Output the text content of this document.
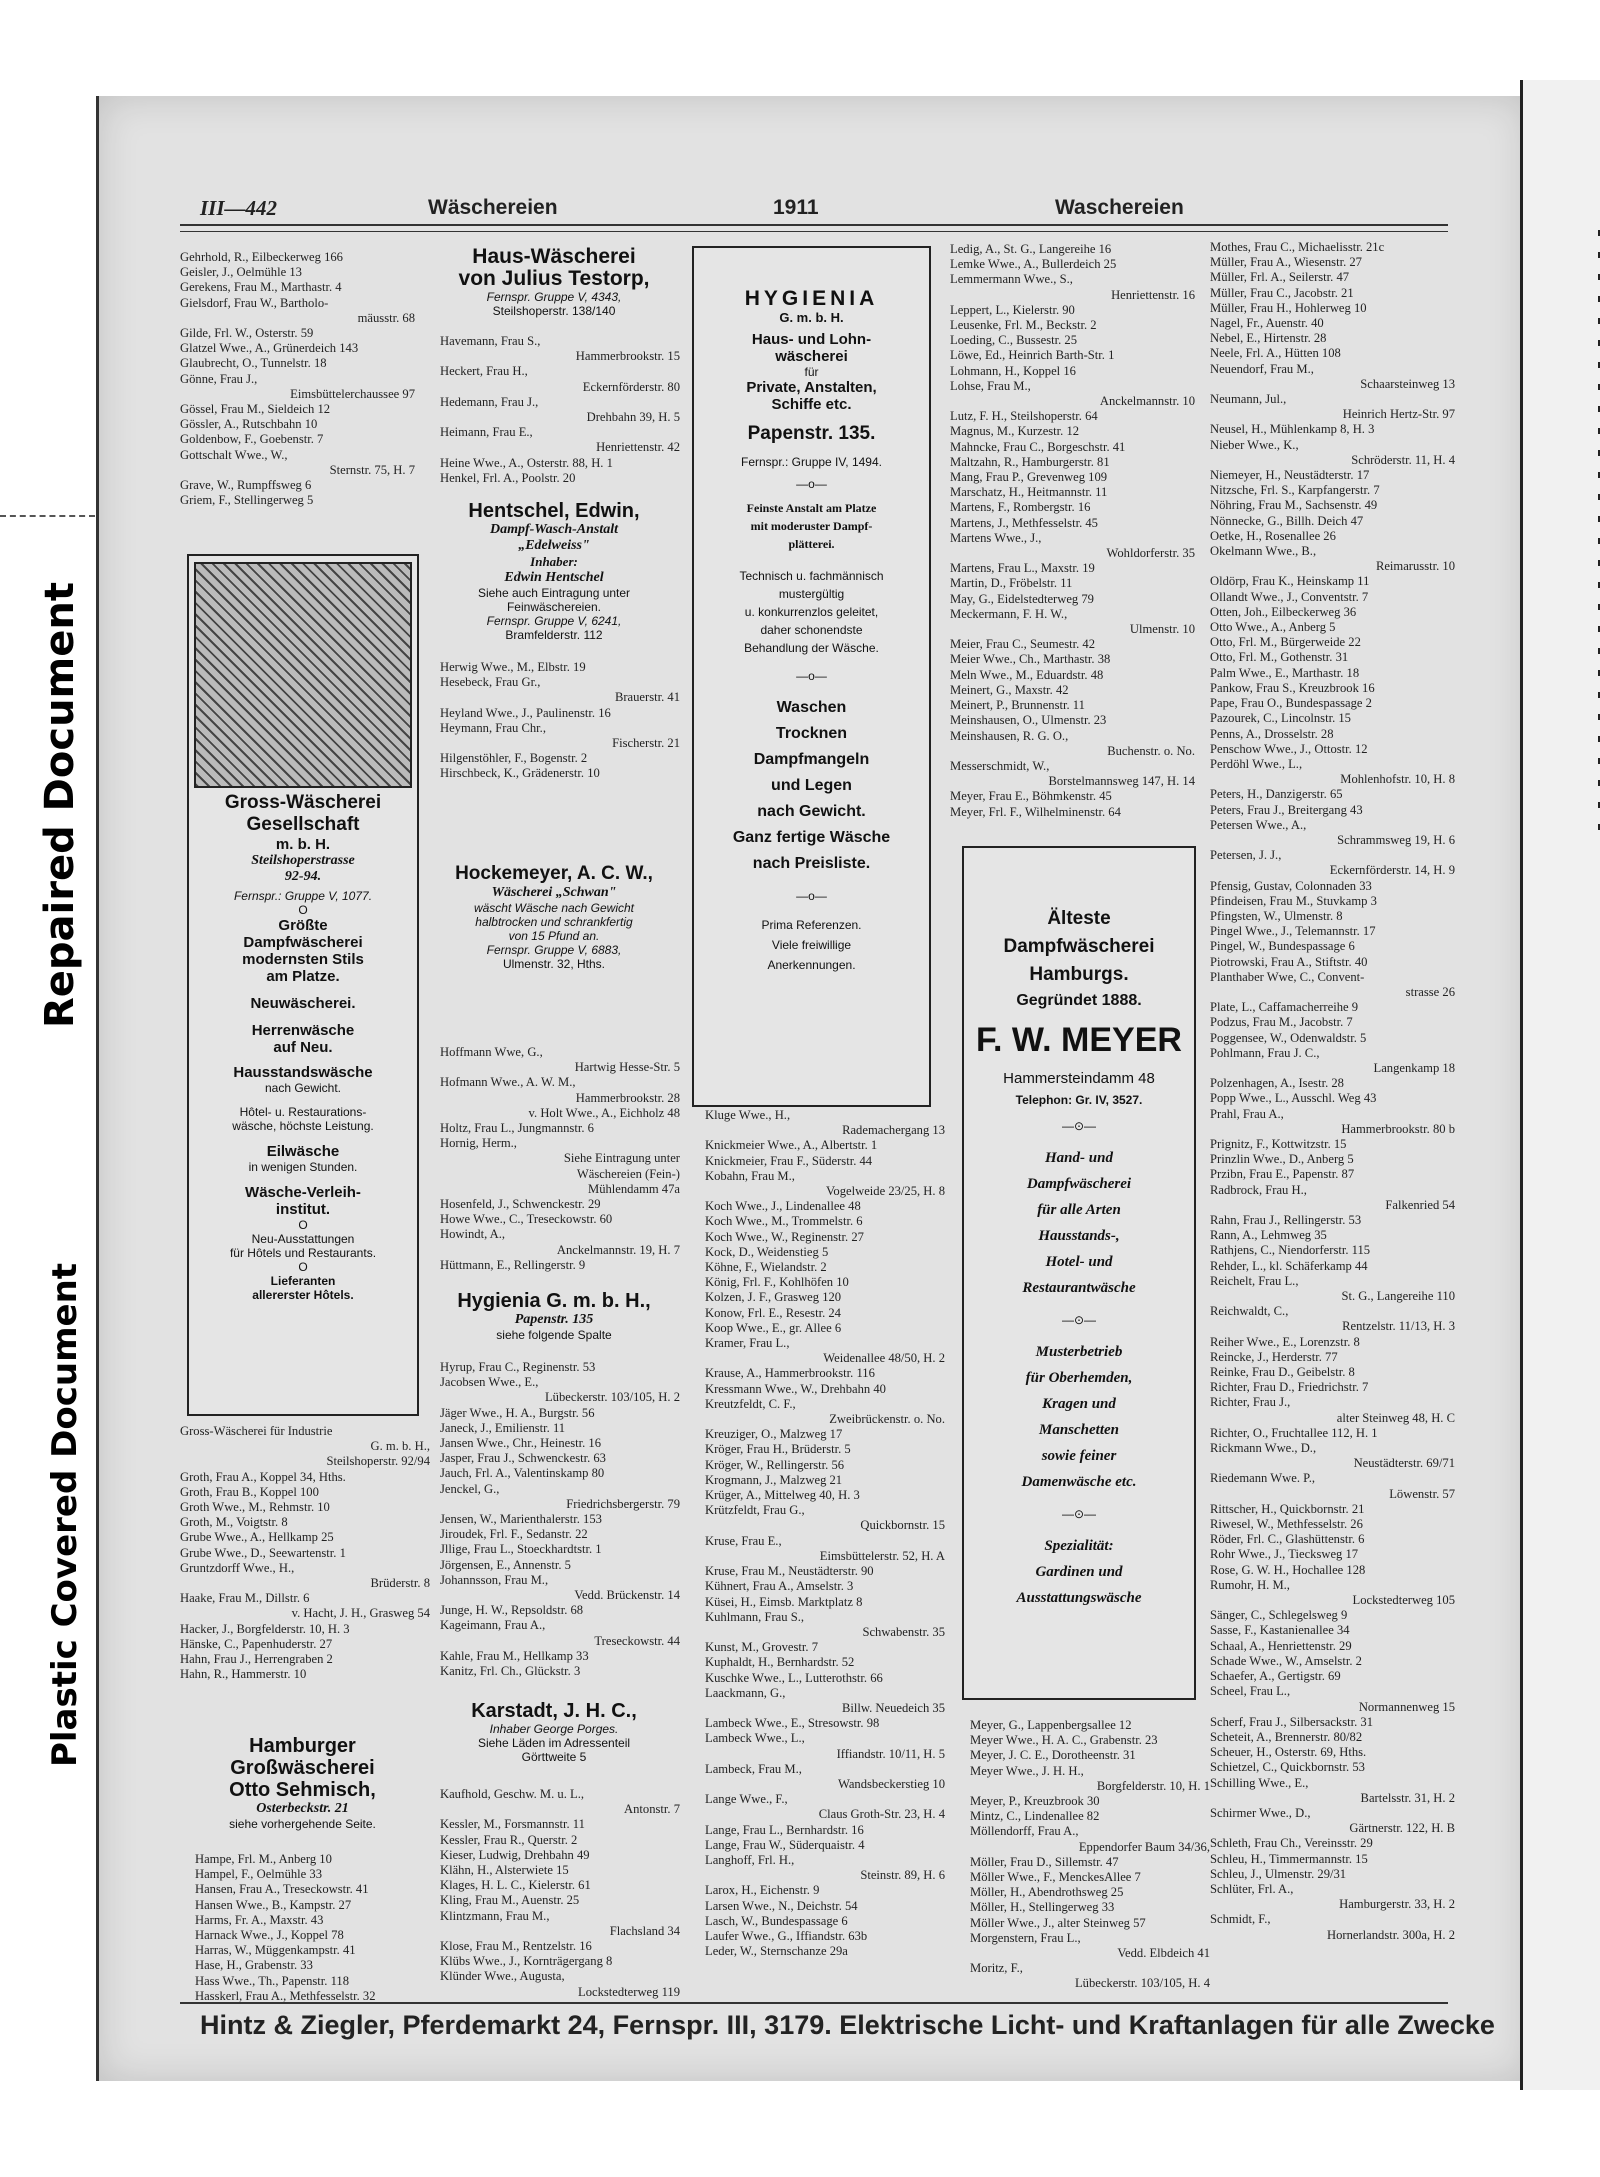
Plastic Covered Document
Repaired Document
III—442	Wäschereien	1911	Waschereien
Gehrhold, R., Eilbeckerweg 166
Geisler, J., Oelmühle 13
Gerekens, Frau M., Marthastr. 4
Gielsdorf, Frau W., Bartholo-
mäusstr. 68
Gilde, Frl. W., Osterstr. 59
Glatzel Wwe., A., Grünerdeich 143
Glaubrecht, O., Tunnelstr. 18
Gönne, Frau J.,
Eimsbüttelerchaussee 97
Gössel, Frau M., Sieldeich 12
Gössler, A., Rutschbahn 10
Goldenbow, F., Goebenstr. 7
Gottschalt Wwe., W.,
Sternstr. 75, H. 7
Grave, W., Rumpffsweg 6
Griem, F., Stellingerweg 5
Gross-Wäscherei
Gesellschaft
m. b. H.
Steilshoperstrasse
92-94.
Fernspr.: Gruppe V, 1077.
O
Größte
Dampfwäscherei
modernsten Stils
am Platze.
Neuwäscherei.
Herrenwäsche
auf Neu.
Hausstandswäsche
nach Gewicht.
Hôtel- u. Restaurations-
wäsche, höchste Leistung.
Eilwäsche
in wenigen Stunden.
Wäsche-Verleih-
institut.
O
Neu-Ausstattungen
für Hôtels und Restaurants.
O
Lieferanten
allererster Hôtels.
Gross-Wäscherei für Industrie
G. m. b. H.,
Steilshoperstr. 92/94
Groth, Frau A., Koppel 34, Hths.
Groth, Frau B., Koppel 100
Groth Wwe., M., Rehmstr. 10
Groth, M., Voigtstr. 8
Grube Wwe., A., Hellkamp 25
Grube Wwe., D., Seewartenstr. 1
Gruntzdorff Wwe., H.,
Brüderstr. 8
Haake, Frau M., Dillstr. 6
v. Hacht, J. H., Grasweg 54
Hacker, J., Borgfelderstr. 10, H. 3
Hänske, C., Papenhuderstr. 27
Hahn, Frau J., Herrengraben 2
Hahn, R., Hammerstr. 10
Hamburger
Großwäscherei
Otto Sehmisch,
Osterbeckstr. 21
siehe vorhergehende Seite.
Hampe, Frl. M., Anberg 10
Hampel, F., Oelmühle 33
Hansen, Frau A., Treseckowstr. 41
Hansen Wwe., B., Kampstr. 27
Harms, Fr. A., Maxstr. 43
Harnack Wwe., J., Koppel 78
Harras, W., Müggenkampstr. 41
Hase, H., Grabenstr. 33
Hass Wwe., Th., Papenstr. 118
Hasskerl, Frau A., Methfesselstr. 32
Haus-Wäscherei
von Julius Testorp,
Fernspr. Gruppe V, 4343,
Steilshoperstr. 138/140
Havemann, Frau S.,
Hammerbrookstr. 15
Heckert, Frau H.,
Eckernförderstr. 80
Hedemann, Frau J.,
Drehbahn 39, H. 5
Heimann, Frau E.,
Henriettenstr. 42
Heine Wwe., A., Osterstr. 88, H. 1
Henkel, Frl. A., Poolstr. 20
Hentschel, Edwin,
Dampf-Wasch-Anstalt
„Edelweiss"
Inhaber:
Edwin Hentschel
Siehe auch Eintragung unter
Feinwäschereien.
Fernspr. Gruppe V, 6241,
Bramfelderstr. 112
Herwig Wwe., M., Elbstr. 19
Hesebeck, Frau Gr.,
Brauerstr. 41
Heyland Wwe., J., Paulinenstr. 16
Heymann, Frau Chr.,
Fischerstr. 21
Hilgenstöhler, F., Bogenstr. 2
Hirschbeck, K., Grädenerstr. 10
Hockemeyer, A. C. W.,
Wäscherei „Schwan"
wäscht Wäsche nach Gewicht
halbtrocken und schrankfertig
von 15 Pfund an.
Fernspr. Gruppe V, 6883,
Ulmenstr. 32, Hths.
Hoffmann Wwe, G.,
Hartwig Hesse-Str. 5
Hofmann Wwe., A. W. M.,
Hammerbrookstr. 28
v. Holt Wwe., A., Eichholz 48
Holtz, Frau L., Jungmannstr. 6
Hornig, Herm.,
Siehe Eintragung unter
Wäschereien (Fein-)
Mühlendamm 47a
Hosenfeld, J., Schwenckestr. 29
Howe Wwe., C., Treseckowstr. 60
Howindt, A.,
Anckelmannstr. 19, H. 7
Hüttmann, E., Rellingerstr. 9
Hygienia G. m. b. H.,
Papenstr. 135
siehe folgende Spalte
Hyrup, Frau C., Reginenstr. 53
Jacobsen Wwe., E.,
Lübeckerstr. 103/105, H. 2
Jäger Wwe., H. A., Burgstr. 56
Janeck, J., Emilienstr. 11
Jansen Wwe., Chr., Heinestr. 16
Jasper, Frau J., Schwenckestr. 63
Jauch, Frl. A., Valentinskamp 80
Jenckel, G.,
Friedrichsbergerstr. 79
Jensen, W., Marienthalerstr. 153
Jiroudek, Frl. F., Sedanstr. 22
Jllige, Frau L., Stoeckhardtstr. 1
Jörgensen, E., Annenstr. 5
Johannsson, Frau M.,
Vedd. Brückenstr. 14
Junge, H. W., Repsoldstr. 68
Kageimann, Frau A.,
Treseckowstr. 44
Kahle, Frau M., Hellkamp 33
Kanitz, Frl. Ch., Glückstr. 3
Karstadt, J. H. C.,
Inhaber George Porges.
Siehe Läden im Adressenteil
Görttweite 5
Kaufhold, Geschw. M. u. L.,
Antonstr. 7
Kessler, M., Forsmannstr. 11
Kessler, Frau R., Querstr. 2
Kieser, Ludwig, Drehbahn 49
Klähn, H., Alsterwiete 15
Klages, H. L. C., Kielerstr. 61
Kling, Frau M., Auenstr. 25
Klintzmann, Frau M.,
Flachsland 34
Klose, Frau M., Rentzelstr. 16
Klübs Wwe., J., Kornträgergang 8
Klünder Wwe., Augusta,
Lockstedterweg 119
HYGIENIA
G. m. b. H.
Haus- und Lohn-
wäscherei
für
Private, Anstalten,
Schiffe etc.
Papenstr. 135.
Fernspr.: Gruppe IV, 1494.
—o—
Feinste Anstalt am Platze
mit moderuster Dampf-
plätterei.
Technisch u. fachmännisch
mustergültig
u. konkurrenzlos geleitet,
daher schonendste
Behandlung der Wäsche.
—o—
Waschen
Trocknen
Dampfmangeln
und Legen
nach Gewicht.
Ganz fertige Wäsche
nach Preisliste.
—o—
Prima Referenzen.
Viele freiwillige
Anerkennungen.
Kluge Wwe., H.,
Rademachergang 13
Knickmeier Wwe., A., Albertstr. 1
Knickmeier, Frau F., Süderstr. 44
Kobahn, Frau M.,
Vogelweide 23/25, H. 8
Koch Wwe., J., Lindenallee 48
Koch Wwe., M., Trommelstr. 6
Koch Wwe., W., Reginenstr. 27
Kock, D., Weidenstieg 5
Köhne, F., Wielandstr. 2
König, Frl. F., Kohlhöfen 10
Kolzen, J. F., Grasweg 120
Konow, Frl. E., Resestr. 24
Koop Wwe., E., gr. Allee 6
Kramer, Frau L.,
Weidenallee 48/50, H. 2
Krause, A., Hammerbrookstr. 116
Kressmann Wwe., W., Drehbahn 40
Kreutzfeldt, C. F.,
Zweibrückenstr. o. No.
Kreuziger, O., Malzweg 17
Kröger, Frau H., Brüderstr. 5
Kröger, W., Rellingerstr. 56
Krogmann, J., Malzweg 21
Krüger, A., Mittelweg 40, H. 3
Krützfeldt, Frau G.,
Quickbornstr. 15
Kruse, Frau E.,
Eimsbüttelerstr. 52, H. A
Kruse, Frau M., Neustädterstr. 90
Kühnert, Frau A., Amselstr. 3
Küsei, H., Eimsb. Marktplatz 8
Kuhlmann, Frau S.,
Schwabenstr. 35
Kunst, M., Grovestr. 7
Kuphaldt, H., Bernhardstr. 52
Kuschke Wwe., L., Lutterothstr. 66
Laackmann, G.,
Billw. Neuedeich 35
Lambeck Wwe., E., Stresowstr. 98
Lambeck Wwe., L.,
Iffiandstr. 10/11, H. 5
Lambeck, Frau M.,
Wandsbeckerstieg 10
Lange Wwe., F.,
Claus Groth-Str. 23, H. 4
Lange, Frau L., Bernhardstr. 16
Lange, Frau W., Süderquaistr. 4
Langhoff, Frl. H.,
Steinstr. 89, H. 6
Larox, H., Eichenstr. 9
Larsen Wwe., N., Deichstr. 54
Lasch, W., Bundespassage 6
Laufer Wwe., G., Iffiandstr. 63b
Leder, W., Sternschanze 29a
Ledig, A., St. G., Langereihe 16
Lemke Wwe., A., Bullerdeich 25
Lemmermann Wwe., S.,
Henriettenstr. 16
Leppert, L., Kielerstr. 90
Leusenke, Frl. M., Beckstr. 2
Loeding, C., Bussestr. 25
Löwe, Ed., Heinrich Barth-Str. 1
Lohmann, H., Koppel 16
Lohse, Frau M.,
Anckelmannstr. 10
Lutz, F. H., Steilshoperstr. 64
Magnus, M., Kurzestr. 12
Mahncke, Frau C., Borgeschstr. 41
Maltzahn, R., Hamburgerstr. 81
Mang, Frau P., Grevenweg 109
Marschatz, H., Heitmannstr. 11
Martens, F., Rombergstr. 16
Martens, J., Methfesselstr. 45
Martens Wwe., J.,
Wohldorferstr. 35
Martens, Frau L., Maxstr. 19
Martin, D., Fröbelstr. 11
May, G., Eidelstedterweg 79
Meckermann, F. H. W.,
Ulmenstr. 10
Meier, Frau C., Seumestr. 42
Meier Wwe., Ch., Marthastr. 38
Meln Wwe., M., Eduardstr. 48
Meinert, G., Maxstr. 42
Meinert, P., Brunnenstr. 11
Meinshausen, O., Ulmenstr. 23
Meinshausen, R. G. O.,
Buchenstr. o. No.
Messerschmidt, W.,
Borstelmannsweg 147, H. 14
Meyer, Frau E., Böhmkenstr. 45
Meyer, Frl. F., Wilhelminenstr. 64
Älteste
Dampfwäscherei
Hamburgs.
Gegründet 1888.
F. W. MEYER
Hammersteindamm 48
Telephon: Gr. IV, 3527.
—⊙—
Hand- und
Dampfwäscherei
für alle Arten
Hausstands-,
Hotel- und
Restaurantwäsche
—⊙—
Musterbetrieb
für Oberhemden,
Kragen und
Manschetten
sowie feiner
Damenwäsche etc.
—⊙—
Spezialität:
Gardinen und
Ausstattungswäsche
Meyer, G., Lappenbergsallee 12
Meyer Wwe., H. A. C., Grabenstr. 23
Meyer, J. C. E., Dorotheenstr. 31
Meyer Wwe., J. H. H.,
Borgfelderstr. 10, H. 1
Meyer, P., Kreuzbrook 30
Mintz, C., Lindenallee 82
Möllendorff, Frau A.,
Eppendorfer Baum 34/36,
Möller, Frau D., Sillemstr. 47
Möller Wwe., F., MenckesAllee 7
Möller, H., Abendrothsweg 25
Möller, H., Stellingerweg 33
Möller Wwe., J., alter Steinweg 57
Morgenstern, Frau L.,
Vedd. Elbdeich 41
Moritz, F.,
Lübeckerstr. 103/105, H. 4
Mothes, Frau C., Michaelisstr. 21c
Müller, Frau A., Wiesenstr. 27
Müller, Frl. A., Seilerstr. 47
Müller, Frau C., Jacobstr. 21
Müller, Frau H., Hohlerweg 10
Nagel, Fr., Auenstr. 40
Nebel, E., Hirtenstr. 28
Neele, Frl. A., Hütten 108
Neuendorf, Frau M.,
Schaarsteinweg 13
Neumann, Jul.,
Heinrich Hertz-Str. 97
Neusel, H., Mühlenkamp 8, H. 3
Nieber Wwe., K.,
Schröderstr. 11, H. 4
Niemeyer, H., Neustädterstr. 17
Nitzsche, Frl. S., Karpfangerstr. 7
Nöhring, Frau M., Sachsenstr. 49
Nönnecke, G., Billh. Deich 47
Oetke, H., Rosenallee 26
Okelmann Wwe., B.,
Reimarusstr. 10
Oldörp, Frau K., Heinskamp 11
Ollandt Wwe., J., Conventstr. 7
Otten, Joh., Eilbeckerweg 36
Otto Wwe., A., Anberg 5
Otto, Frl. M., Bürgerweide 22
Otto, Frl. M., Gothenstr. 31
Palm Wwe., E., Marthastr. 18
Pankow, Frau S., Kreuzbrook 16
Pape, Frau O., Bundespassage 2
Pazourek, C., Lincolnstr. 15
Penns, A., Drosselstr. 28
Penschow Wwe., J., Ottostr. 12
Perdöhl Wwe., L.,
Mohlenhofstr. 10, H. 8
Peters, H., Danzigerstr. 65
Peters, Frau J., Breitergang 43
Petersen Wwe., A.,
Schrammsweg 19, H. 6
Petersen, J. J.,
Eckernförderstr. 14, H. 9
Pfensig, Gustav, Colonnaden 33
Pfindeisen, Frau M., Stuvkamp 3
Pfingsten, W., Ulmenstr. 8
Pingel Wwe., J., Telemannstr. 17
Pingel, W., Bundespassage 6
Piotrowski, Frau A., Stiftstr. 40
Planthaber Wwe, C., Convent-
strasse 26
Plate, L., Caffamacherreihe 9
Podzus, Frau M., Jacobstr. 7
Poggensee, W., Odenwaldstr. 5
Pohlmann, Frau J. C.,
Langenkamp 18
Polzenhagen, A., Isestr. 28
Popp Wwe., L., Ausschl. Weg 43
Prahl, Frau A.,
Hammerbrookstr. 80 b
Prignitz, F., Kottwitzstr. 15
Prinzlin Wwe., D., Anberg 5
Przibn, Frau E., Papenstr. 87
Radbrock, Frau H.,
Falkenried 54
Rahn, Frau J., Rellingerstr. 53
Rann, A., Lehmweg 35
Rathjens, C., Niendorferstr. 115
Rehder, L., kl. Schäferkamp 44
Reichelt, Frau L.,
St. G., Langereihe 110
Reichwaldt, C.,
Rentzelstr. 11/13, H. 3
Reiher Wwe., E., Lorenzstr. 8
Reincke, J., Herderstr. 77
Reinke, Frau D., Geibelstr. 8
Richter, Frau D., Friedrichstr. 7
Richter, Frau J.,
alter Steinweg 48, H. C
Richter, O., Fruchtallee 112, H. 1
Rickmann Wwe., D.,
Neustädterstr. 69/71
Riedemann Wwe. P.,
Löwenstr. 57
Rittscher, H., Quickbornstr. 21
Riwesel, W., Methfesselstr. 26
Röder, Frl. C., Glashüttenstr. 6
Rohr Wwe., J., Tiecksweg 17
Rose, G. W. H., Hochallee 128
Rumohr, H. M.,
Lockstedterweg 105
Sänger, C., Schlegelsweg 9
Sasse, F., Kastanienallee 34
Schaal, A., Henriettenstr. 29
Schade Wwe., W., Amselstr. 2
Schaefer, A., Gertigstr. 69
Scheel, Frau L.,
Normannenweg 15
Scherf, Frau J., Silbersackstr. 31
Scheteit, A., Brennerstr. 80/82
Scheuer, H., Osterstr. 69, Hths.
Schietzel, C., Quickbornstr. 53
Schilling Wwe., E.,
Bartelsstr. 31, H. 2
Schirmer Wwe., D.,
Gärtnerstr. 122, H. B
Schleth, Frau Ch., Vereinsstr. 29
Schleu, H., Timmermannstr. 15
Schleu, J., Ulmenstr. 29/31
Schlüter, Frl. A.,
Hamburgerstr. 33, H. 2
Schmidt, F.,
Hornerlandstr. 300a, H. 2
Hintz & Ziegler, Pferdemarkt 24, Fernspr. III, 3179. Elektrische Licht- und Kraftanlagen für alle Zwecke
